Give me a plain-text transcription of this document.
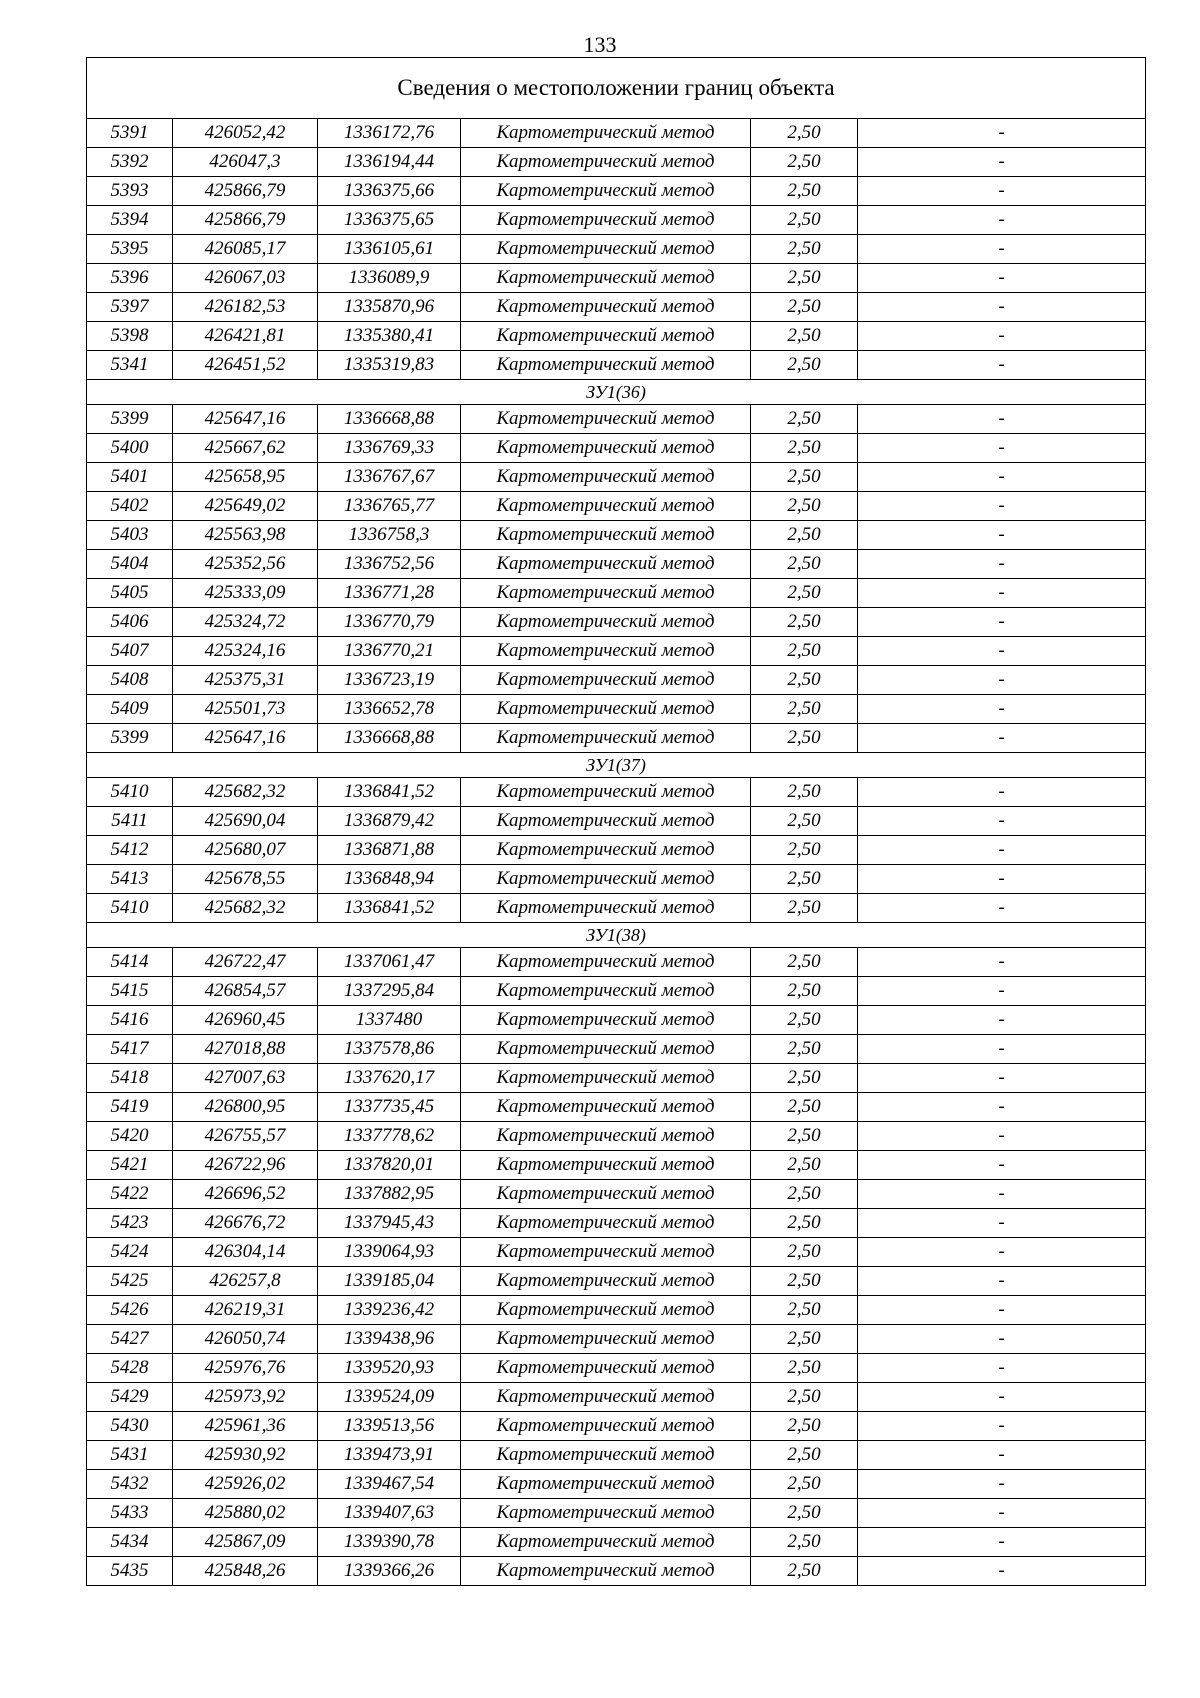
133
Сведения о местоположении границ объекта					
5391	426052,42	1336172,76	Картометрический метод	2,50	-
5392	426047,3	1336194,44	Картометрический метод	2,50	-
5393	425866,79	1336375,66	Картометрический метод	2,50	-
5394	425866,79	1336375,65	Картометрический метод	2,50	-
5395	426085,17	1336105,61	Картометрический метод	2,50	-
5396	426067,03	1336089,9	Картометрический метод	2,50	-
5397	426182,53	1335870,96	Картометрический метод	2,50	-
5398	426421,81	1335380,41	Картометрический метод	2,50	-
5341	426451,52	1335319,83	Картометрический метод	2,50	-
ЗУ1(36)					
5399	425647,16	1336668,88	Картометрический метод	2,50	-
5400	425667,62	1336769,33	Картометрический метод	2,50	-
5401	425658,95	1336767,67	Картометрический метод	2,50	-
5402	425649,02	1336765,77	Картометрический метод	2,50	-
5403	425563,98	1336758,3	Картометрический метод	2,50	-
5404	425352,56	1336752,56	Картометрический метод	2,50	-
5405	425333,09	1336771,28	Картометрический метод	2,50	-
5406	425324,72	1336770,79	Картометрический метод	2,50	-
5407	425324,16	1336770,21	Картометрический метод	2,50	-
5408	425375,31	1336723,19	Картометрический метод	2,50	-
5409	425501,73	1336652,78	Картометрический метод	2,50	-
5399	425647,16	1336668,88	Картометрический метод	2,50	-
ЗУ1(37)					
5410	425682,32	1336841,52	Картометрический метод	2,50	-
5411	425690,04	1336879,42	Картометрический метод	2,50	-
5412	425680,07	1336871,88	Картометрический метод	2,50	-
5413	425678,55	1336848,94	Картометрический метод	2,50	-
5410	425682,32	1336841,52	Картометрический метод	2,50	-
ЗУ1(38)					
5414	426722,47	1337061,47	Картометрический метод	2,50	-
5415	426854,57	1337295,84	Картометрический метод	2,50	-
5416	426960,45	1337480	Картометрический метод	2,50	-
5417	427018,88	1337578,86	Картометрический метод	2,50	-
5418	427007,63	1337620,17	Картометрический метод	2,50	-
5419	426800,95	1337735,45	Картометрический метод	2,50	-
5420	426755,57	1337778,62	Картометрический метод	2,50	-
5421	426722,96	1337820,01	Картометрический метод	2,50	-
5422	426696,52	1337882,95	Картометрический метод	2,50	-
5423	426676,72	1337945,43	Картометрический метод	2,50	-
5424	426304,14	1339064,93	Картометрический метод	2,50	-
5425	426257,8	1339185,04	Картометрический метод	2,50	-
5426	426219,31	1339236,42	Картометрический метод	2,50	-
5427	426050,74	1339438,96	Картометрический метод	2,50	-
5428	425976,76	1339520,93	Картометрический метод	2,50	-
5429	425973,92	1339524,09	Картометрический метод	2,50	-
5430	425961,36	1339513,56	Картометрический метод	2,50	-
5431	425930,92	1339473,91	Картометрический метод	2,50	-
5432	425926,02	1339467,54	Картометрический метод	2,50	-
5433	425880,02	1339407,63	Картометрический метод	2,50	-
5434	425867,09	1339390,78	Картометрический метод	2,50	-
5435	425848,26	1339366,26	Картометрический метод	2,50	-
